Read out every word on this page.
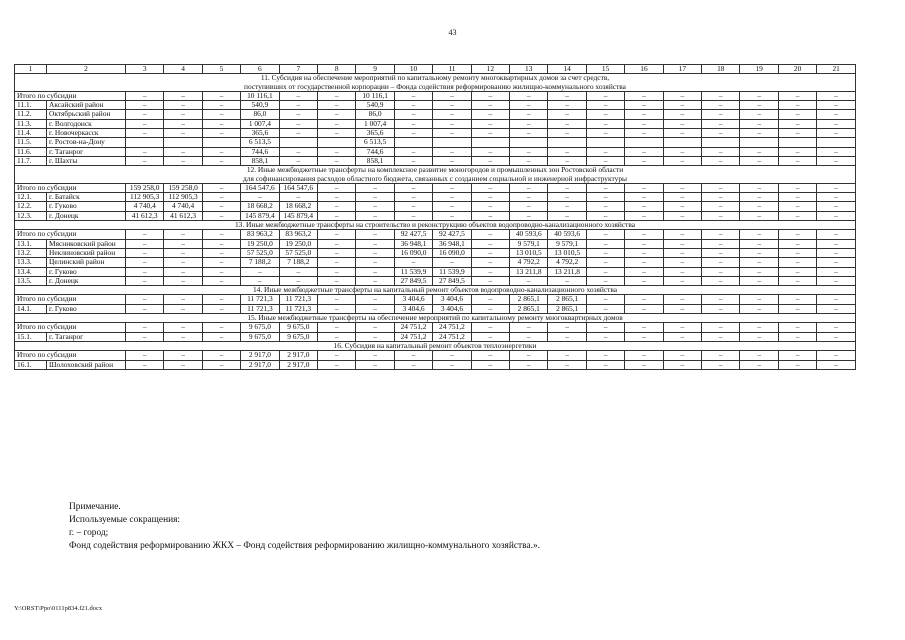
43
1	2	3	4	5	6	7	8	9	10	11	12	13	14	15	16	17	18	19	20	21

11. Субсидия на обеспечение мероприятий по капитальному ремонту многоквартирных домов за счет средств,
поступивших от государственной корпорации – Фонда содействия реформированию жилищно-коммунального хозяйства																				

Итого по субсидии		–	–	–	10 116,1	–	–	10 116,1	–	–	–	–	–	–	–	–	–	–	–	–
11.1.	Аксайский район	–	–	–	540,9	–	–	540,9	–	–	–	–	–	–	–	–	–	–	–	–
11.2.	Октябрьский район	–	–	–	86,0	–	–	86,0	–	–	–	–	–	–	–	–	–	–	–	–
11.3.	г. Волгодонск	–	–	–	1 007,4	–	–	1 007,4	–	–	–	–	–	–	–	–	–	–	–	–
11.4.	г. Новочеркасск	–	–	–	365,6	–	–	365,6	–	–	–	–	–	–	–	–	–	–	–	–
11.5.	г. Ростов-на-Дону				6 513,5			6 513,5												
11.6.	г. Таганрог	–	–	–	744,6	–	–	744,6	–	–	–	–	–	–	–	–	–	–	–	–
11.7.	г. Шахты	–	–	–	858,1	–	–	858,1	–	–	–	–	–	–	–	–	–	–	–	–

12. Иные межбюджетные трансферты на комплексное развитие моногородов и промышленных зон Ростовской области
для софинансирования расходов областного бюджета, связанных с созданием социальной и инженерной инфраструктуры																				

Итого по субсидии		159 258,0	159 258,0	–	164 547,6	164 547,6	–	–	–	–	–	–	–	–	–	–	–	–	–	–
12.1.	г. Батайск	112 905,3	112 905,3	–	–	–	–	–	–	–	–	–	–	–	–	–	–	–	–	–
12.2.	г. Гуково	4 740,4	4 740,4	–	18 668,2	18 668,2	–	–	–	–	–	–	–	–	–	–	–	–	–	–
12.3.	г. Донецк	41 612,3	41 612,3	–	145 879,4	145 879,4	–	–	–	–	–	–	–	–	–	–	–	–	–	–

13. Иные межбюджетные трансферты на строительство и реконструкцию объектов водопроводно-канализационного хозяйства																				

Итого по субсидии		–	–	–	83 963,2	83 963,2	–	–	92 427,5	92 427,5	–	40 593,6	40 593,6	–	–	–	–	–	–	–
13.1.	Мясниковский район	–	–	–	19 250,0	19 250,0	–	–	36 948,1	36 948,1	–	9 579,1	9 579,1	–	–	–	–	–	–	–
13.2.	Неклиновский район	–	–	–	57 525,0	57 525,0	–	–	16 090,0	16 090,0	–	13 010,5	13 010,5	–	–	–	–	–	–	–
13.3.	Целинский район	–	–	–	7 188,2	7 188,2	–	–	–	–	–	4 792,2	4 792,2	–	–	–	–	–	–	–
13.4.	г. Гуково	–	–	–	–	–	–	–	11 539,9	11 539,9	–	13 211,8	13 211,8	–	–	–	–	–	–	–
13.5.	г. Донецк	–	–	–	–	–	–	–	27 849,5	27 849,5	–	–	–	–	–	–	–	–	–	–

14. Иные межбюджетные трансферты на капитальный ремонт объектов водопроводно-канализационного хозяйства																				

Итого по субсидии		–	–	–	11 721,3	11 721,3	–	–	3 404,6	3 404,6	–	2 865,1	2 865,1	–	–	–	–	–	–	–
14.1.	г. Гуково	–	–	–	11 721,3	11 721,3	–	–	3 404,6	3 404,6	–	2 865,1	2 865,1	–	–	–	–	–	–	–

15. Иные межбюджетные трансферты на обеспечение мероприятий по капитальному ремонту многоквартирных домов																				

Итого по субсидии		–	–	–	9 675,0	9 675,0	–	–	24 751,2	24 751,2	–	–	–	–	–	–	–	–	–	–
15.1.	г. Таганрог	–	–	–	9 675,0	9 675,0	–	–	24 751,2	24 751,2	–	–	–	–	–	–	–	–	–	–

16. Субсидия на капитальный ремонт объектов теплоэнергетики																				

Итого по субсидии		–	–	–	2 917,0	2 917,0	–	–	–	–	–	–	–	–	–	–	–	–	–	–
16.1.	Шолоховский район	–	–	–	2 917,0	2 917,0	–	–	–	–	–	–	–	–	–	–	–	–	–	–
Примечание.
Используемые сокращения:
г. – город;
Фонд содействия реформированию ЖКХ – Фонд содействия реформированию жилищно-коммунального хозяйства.».
Y:\ORST\Ppo\0111p834.f21.docx
